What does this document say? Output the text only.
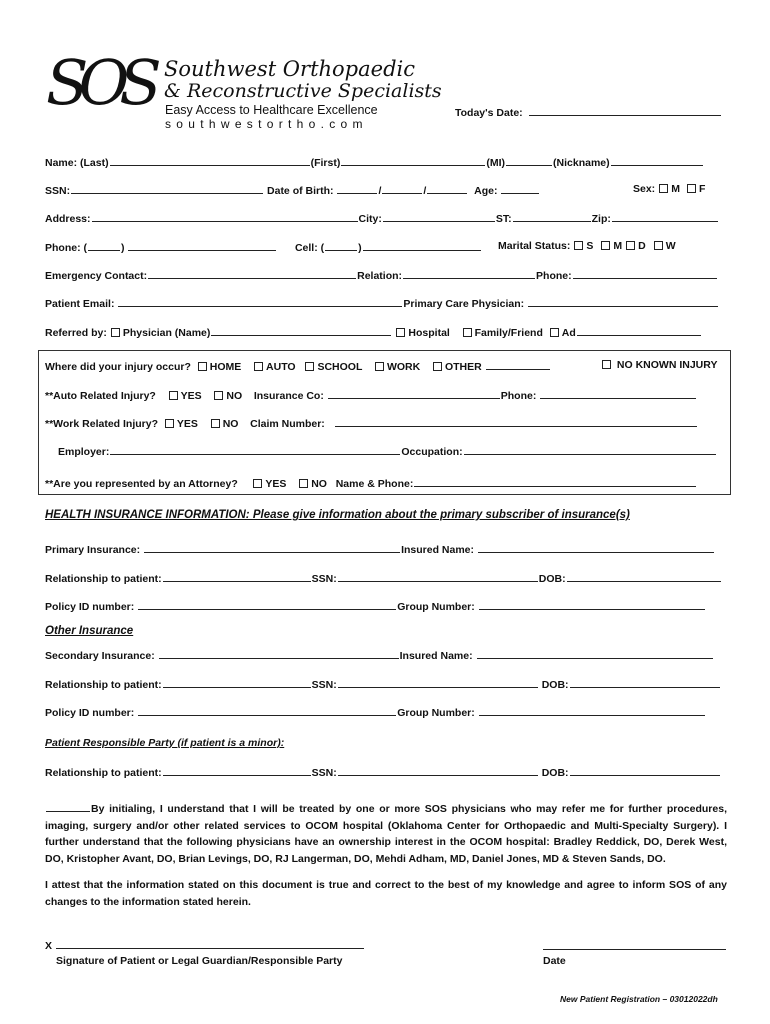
SOS Southwest Orthopaedic
& Reconstructive Specialists
Easy Access to Healthcare Excellence
southwestortho.com
Today's Date:
Name: (Last)	(First)	(MI)	(Nickname)
SSN:	Date of Birth:	/	/	Age:	Sex: M F
Address:	City:	ST:	Zip:
Phone: (	)	Cell: (	)	Marital Status: S M D W
Emergency Contact:	Relation:	Phone:
Patient Email:	Primary Care Physician:
Referred by: Physician (Name)	Hospital Family/Friend Ad
Where did your injury occur? HOME AUTO SCHOOL WORK OTHER	NO KNOWN INJURY
**Auto Related Injury? YES NO Insurance Co:	Phone:
**Work Related Injury? YES NO Claim Number:
Employer:	Occupation:
**Are you represented by an Attorney?	YES NO Name & Phone:
HEALTH INSURANCE INFORMATION: Please give information about the primary subscriber of insurance(s)
Primary Insurance:	Insured Name:
Relationship to patient:	SSN:	DOB:
Policy ID number:	Group Number:
Other Insurance
Secondary Insurance:	Insured Name:
Relationship to patient:	SSN:	DOB:
Policy ID number:	Group Number:
Patient Responsible Party (if patient is a minor):
Relationship to patient:	SSN:	DOB:
By initialing, I understand that I will be treated by one or more SOS physicians who may refer me for further procedures, imaging, surgery and/or other related services to OCOM hospital (Oklahoma Center for Orthopaedic and Multi-Specialty Surgery). I further understand that the following physicians have an ownership interest in the OCOM hospital: Bradley Reddick, DO, Derek West, DO, Kristopher Avant, DO, Brian Levings, DO, RJ Langerman, DO, Mehdi Adham, MD, Daniel Jones, MD & Steven Sands, DO.
I attest that the information stated on this document is true and correct to the best of my knowledge and agree to inform SOS of any changes to the information stated herein.
X
Signature of Patient or Legal Guardian/Responsible Party	Date
New Patient Registration – 03012022dh
